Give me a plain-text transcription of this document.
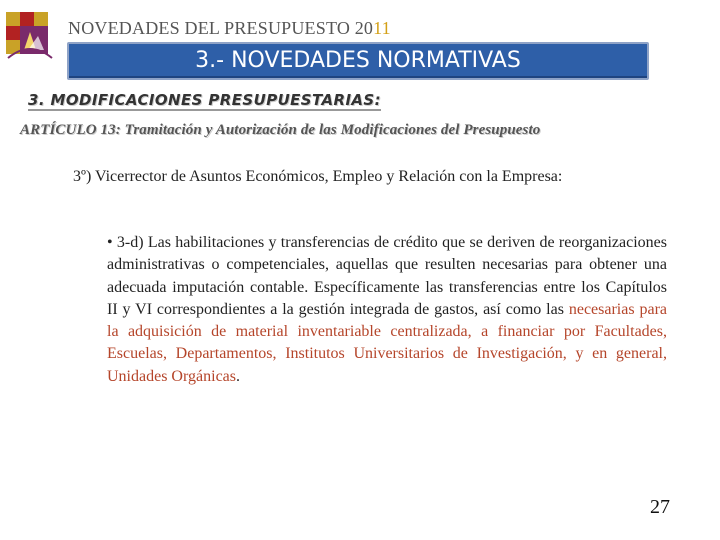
NOVEDADES DEL PRESUPUESTO 2011
3.- NOVEDADES NORMATIVAS
3. MODIFICACIONES PRESUPUESTARIAS:
ARTÍCULO 13: Tramitación y Autorización de las Modificaciones del Presupuesto
3º) Vicerrector de Asuntos Económicos, Empleo y Relación con la Empresa:
• 3-d) Las habilitaciones y transferencias de crédito que se deriven de reorganizaciones administrativas o competenciales, aquellas que resulten necesarias para obtener una adecuada imputación contable. Específicamente las transferencias entre los Capítulos II y VI correspondientes a la gestión integrada de gastos, así como las necesarias para la adquisición de material inventariable centralizada, a financiar por Facultades, Escuelas, Departamentos, Institutos Universitarios de Investigación, y en general, Unidades Orgánicas.
27
